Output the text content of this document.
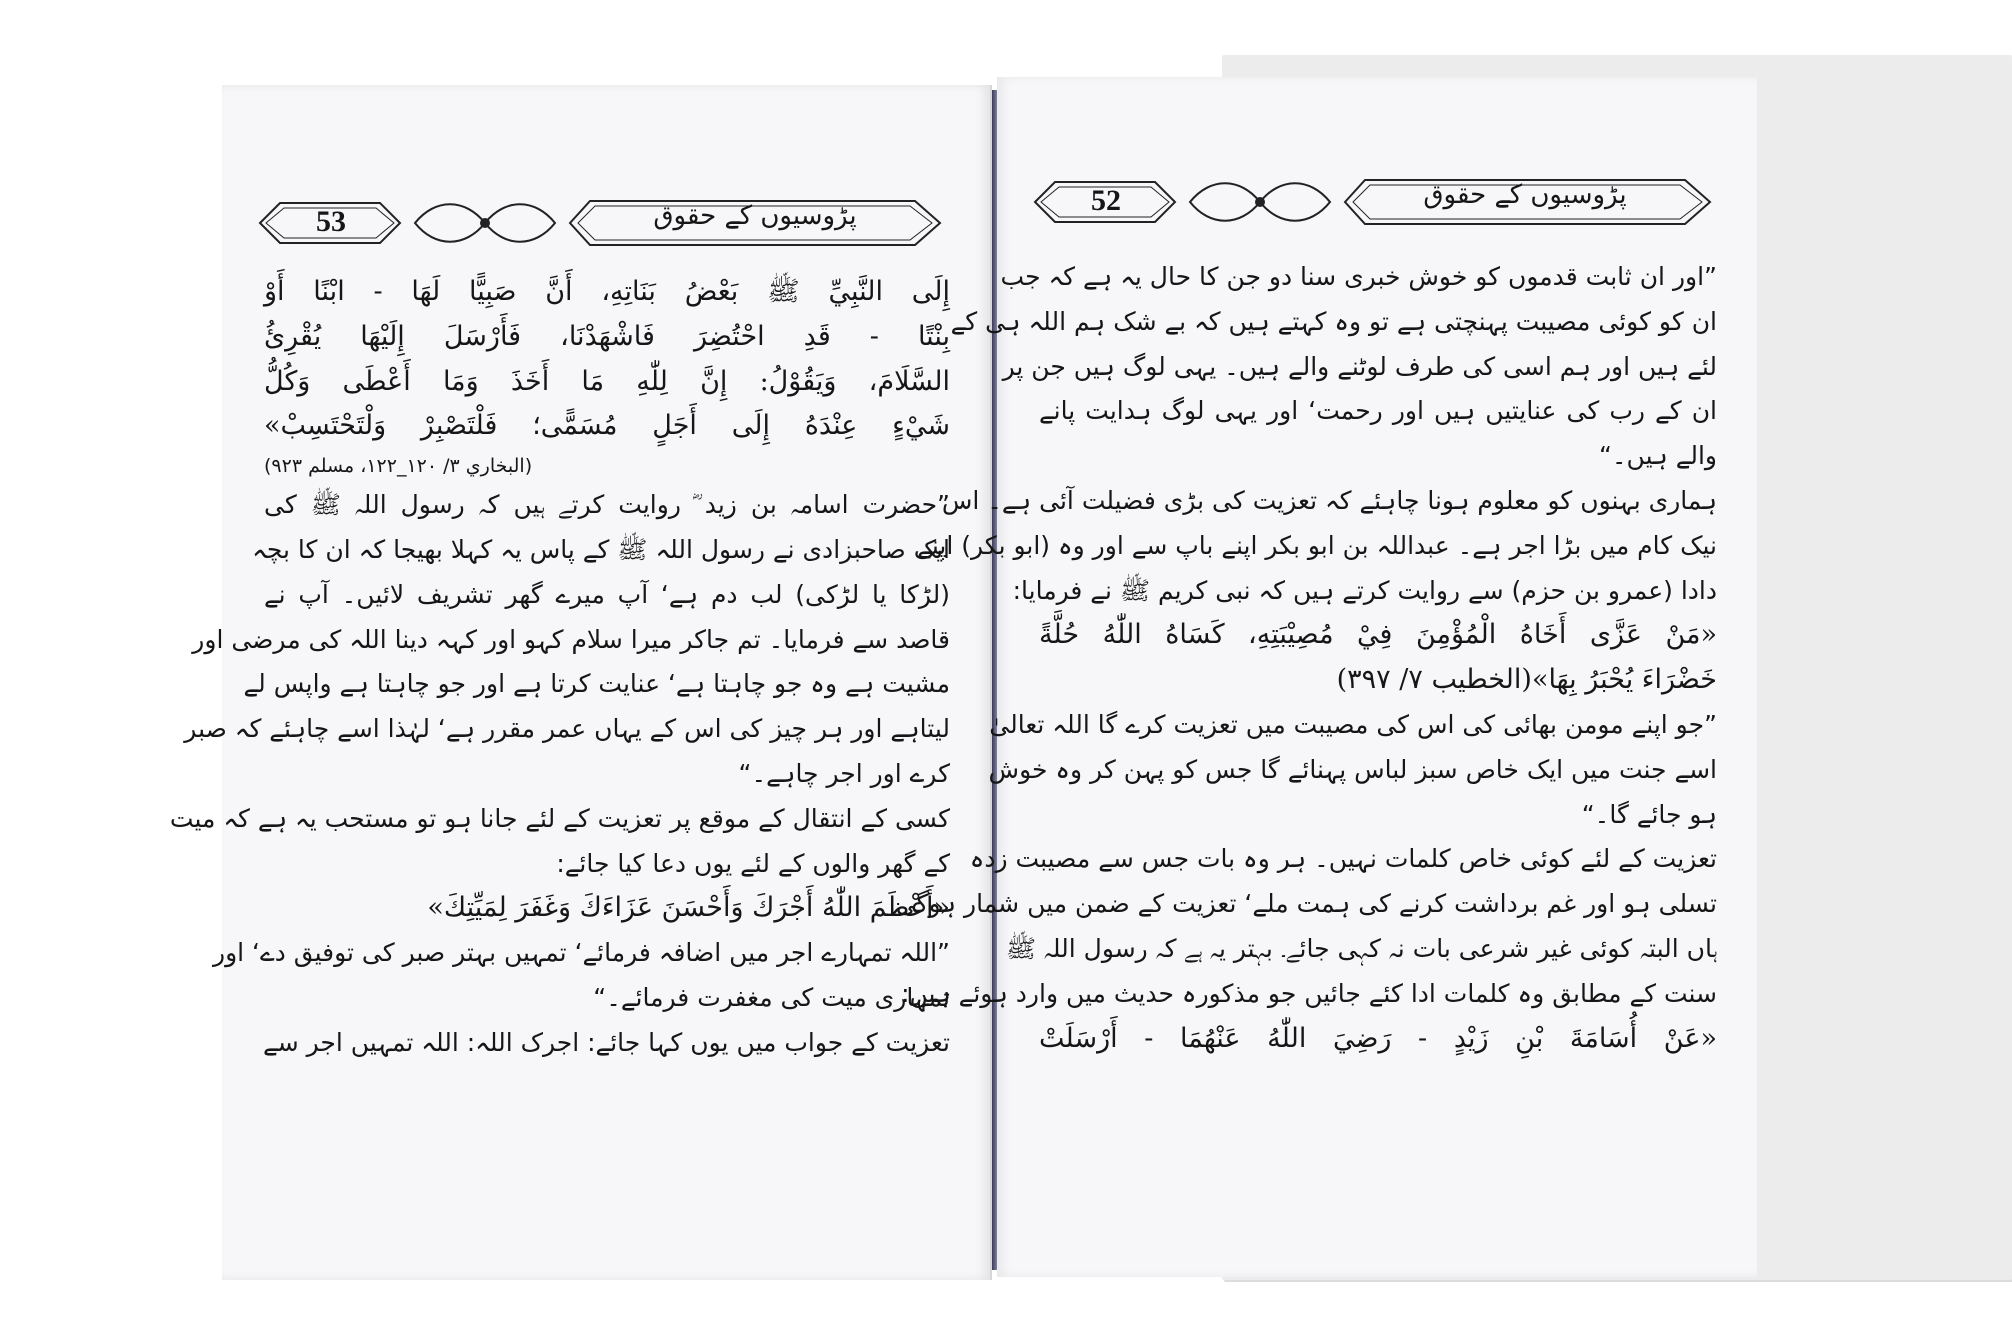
53	پڑوسیوں کے حقوق
إِلَى النَّبِيِّ ﷺ بَعْضُ بَنَاتِهِ، أَنَّ صَبِيًّا لَهَا - ابْنًا أَوْ
بِنْتًا - قَدِ احْتُضِرَ فَاشْهَدْنَا، فَأَرْسَلَ إِلَيْهَا يُقْرِئُ
السَّلَامَ، وَيَقُوْلُ: إِنَّ لِلّٰهِ مَا أَخَذَ وَمَا أَعْطَى وَكُلُّ
شَيْءٍ عِنْدَهُ إِلَى أَجَلٍ مُسَمًّى؛ فَلْتَصْبِرْ وَلْتَحْتَسِبْ»
(البخاري ٣/ ١٢٠_١٢٢، مسلم ٩٢٣)
”حضرت اسامہ بن زید ؓ روایت کرتے ہیں کہ رسول اللہ ﷺ کی
ایک صاحبزادی نے رسول اللہ ﷺ کے پاس یہ کہلا بھیجا کہ ان کا بچہ
(لڑکا یا لڑکی) لب دم ہے‘ آپ میرے گھر تشریف لائیں۔ آپ نے
قاصد سے فرمایا۔ تم جاکر میرا سلام کہو اور کہہ دینا اللہ کی مرضی اور
مشیت ہے وہ جو چاہتا ہے‘ عنایت کرتا ہے اور جو چاہتا ہے واپس لے
لیتاہے اور ہر چیز کی اس کے یہاں عمر مقرر ہے‘ لہٰذا اسے چاہئے کہ صبر
کرے اور اجر چاہے۔“
کسی کے انتقال کے موقع پر تعزیت کے لئے جانا ہو تو مستحب یہ ہے کہ میت
کے گھر والوں کے لئے یوں دعا کیا جائے:
«أَعْظَمَ اللّٰهُ أَجْرَكَ وَأَحْسَنَ عَزَاءَكَ وَغَفَرَ لِمَيِّتِكَ»
”اللہ تمہارے اجر میں اضافہ فرمائے‘ تمہیں بہتر صبر کی توفیق دے‘ اور
تمہاری میت کی مغفرت فرمائے۔“
تعزیت کے جواب میں یوں کہا جائے: اجرک اللہ: اللہ تمہیں اجر سے
52	پڑوسیوں کے حقوق
”اور ان ثابت قدموں کو خوش خبری سنا دو جن کا حال یہ ہے کہ جب
ان کو کوئی مصیبت پہنچتی ہے تو وہ کہتے ہیں کہ بے شک ہم اللہ ہی کے
لئے ہیں اور ہم اسی کی طرف لوٹنے والے ہیں۔ یہی لوگ ہیں جن پر
ان کے رب کی عنایتیں ہیں اور رحمت‘ اور یہی لوگ ہدایت پانے
والے ہیں۔“
ہماری بہنوں کو معلوم ہونا چاہئے کہ تعزیت کی بڑی فضیلت آئی ہے۔ اس
نیک کام میں بڑا اجر ہے۔ عبداللہ بن ابو بکر اپنے باپ سے اور وہ (ابو بکر) اپنے
دادا (عمرو بن حزم) سے روایت کرتے ہیں کہ نبی کریم ﷺ نے فرمایا:
«مَنْ عَزَّى أَخَاهُ الْمُؤْمِنَ فِيْ مُصِيْبَتِهِ، كَسَاهُ اللّٰهُ حُلَّةً
خَضْرَاءَ يُحْبَرُ بِهَا»(الخطیب ٧/ ٣٩٧)
”جو اپنے مومن بھائی کی اس کی مصیبت میں تعزیت کرے گا اللہ تعالیٰ
اسے جنت میں ایک خاص سبز لباس پہنائے گا جس کو پہن کر وہ خوش
ہو جائے گا۔“
تعزیت کے لئے کوئی خاص کلمات نہیں۔ ہر وہ بات جس سے مصیبت زدہ
تسلی ہو اور غم برداشت کرنے کی ہمت ملے‘ تعزیت کے ضمن میں شمار ہوگی
ہاں البتہ کوئی غیر شرعی بات نہ کہی جائے۔ بہتر یہ ہے کہ رسول اللہ ﷺ
سنت کے مطابق وہ کلمات ادا کئے جائیں جو مذکورہ حدیث میں وارد ہوئے ہیں:
«عَنْ أُسَامَةَ بْنِ زَيْدٍ - رَضِيَ اللّٰهُ عَنْهُمَا - أَرْسَلَتْ
